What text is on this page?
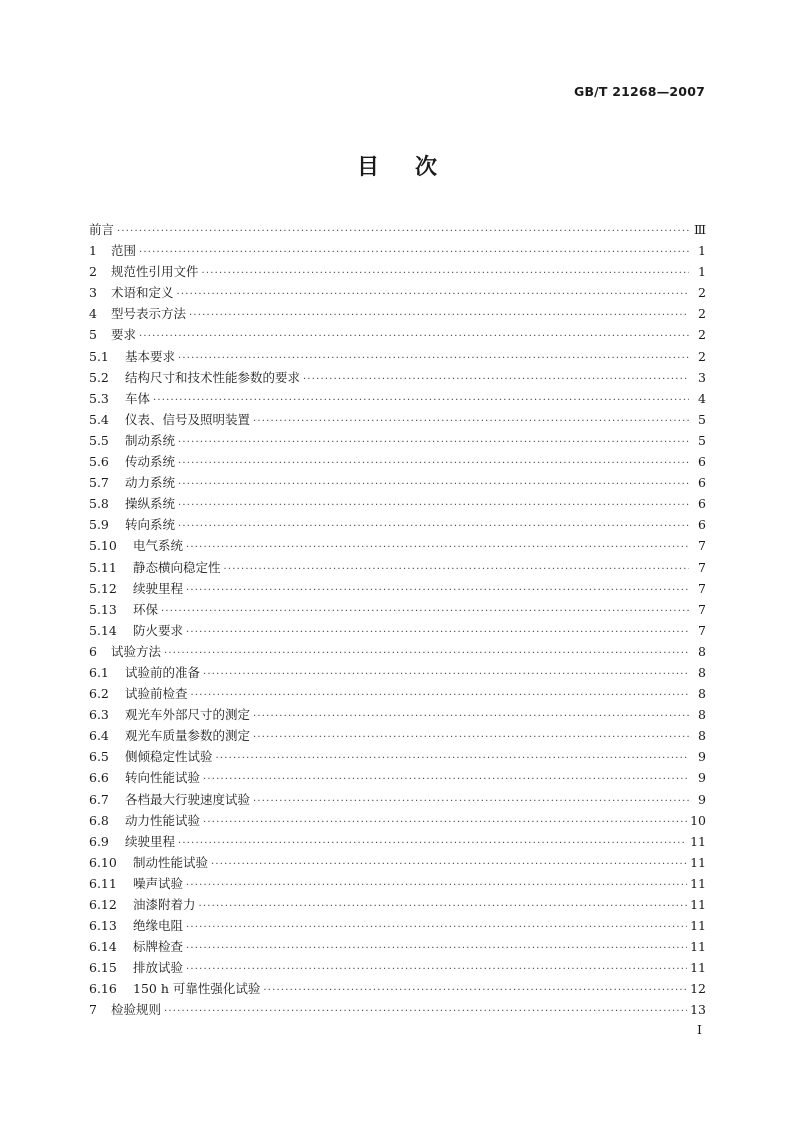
GB/T 21268—2007
目 次
前言 ·····	Ⅲ
1	范围 ·····	1
2	规范性引用文件 ·····	1
3	术语和定义 ·····	2
4	型号表示方法 ·····	2
5	要求 ·····	2
5.1	基本要求 ·····	2
5.2	结构尺寸和技术性能参数的要求 ·····	3
5.3	车体 ·····	4
5.4	仪表、信号及照明装置 ·····	5
5.5	制动系统 ·····	5
5.6	传动系统 ·····	6
5.7	动力系统 ·····	6
5.8	操纵系统 ·····	6
5.9	转向系统 ·····	6
5.10	电气系统 ·····	7
5.11	静态横向稳定性 ·····	7
5.12	续驶里程 ·····	7
5.13	环保 ·····	7
5.14	防火要求 ·····	7
6	试验方法 ·····	8
6.1	试验前的准备 ·····	8
6.2	试验前检查 ·····	8
6.3	观光车外部尺寸的测定 ·····	8
6.4	观光车质量参数的测定 ·····	8
6.5	侧倾稳定性试验 ·····	9
6.6	转向性能试验 ·····	9
6.7	各档最大行驶速度试验 ·····	9
6.8	动力性能试验 ·····	10
6.9	续驶里程 ·····	11
6.10	制动性能试验 ·····	11
6.11	噪声试验 ·····	11
6.12	油漆附着力 ·····	11
6.13	绝缘电阻 ·····	11
6.14	标牌检查 ·····	11
6.15	排放试验 ·····	11
6.16	150 h 可靠性强化试验 ·····	12
7	检验规则 ·····	13
I
